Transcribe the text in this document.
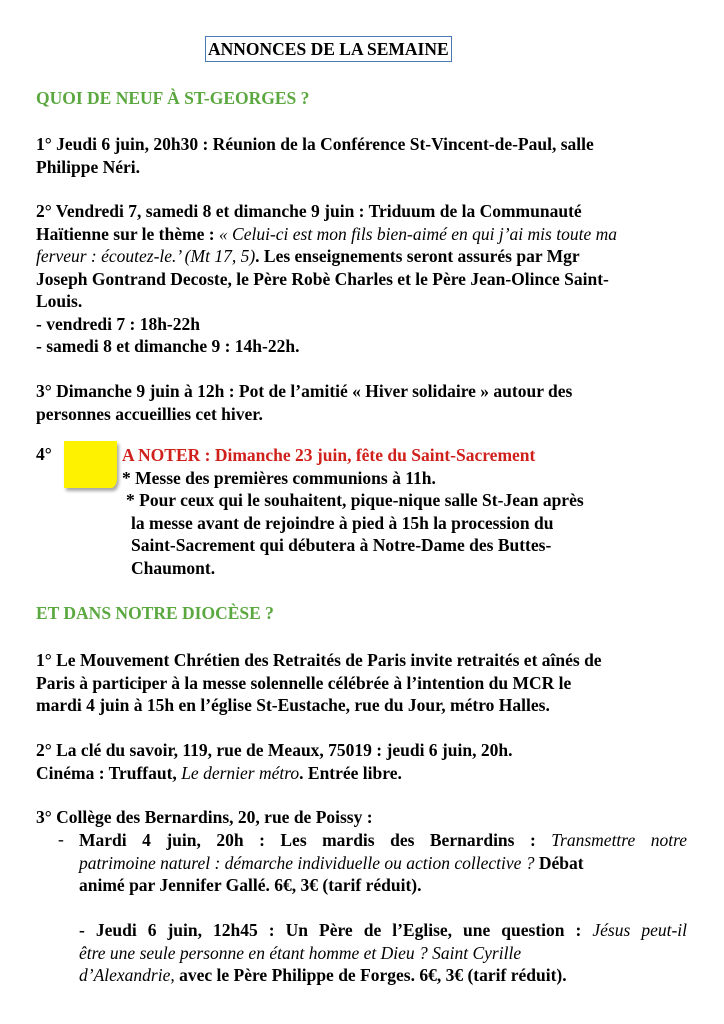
ANNONCES DE LA SEMAINE
QUOI DE NEUF À ST-GEORGES ?
1° Jeudi 6 juin, 20h30 : Réunion de la Conférence St-Vincent-de-Paul, salle
Philippe Néri.
2° Vendredi 7, samedi 8 et dimanche 9 juin : Triduum de la Communauté
Haïtienne sur le thème : « Celui-ci est mon fils bien-aimé en qui j’ai mis toute ma
ferveur : écoutez-le.’ (Mt 17, 5). Les enseignements seront assurés par Mgr
Joseph Gontrand Decoste, le Père Robè Charles et le Père Jean-Olince Saint-
Louis.
- vendredi 7 : 18h-22h
- samedi 8 et dimanche 9 : 14h-22h.
3° Dimanche 9 juin à 12h : Pot de l’amitié « Hiver solidaire » autour des
personnes accueillies cet hiver.
4°	A NOTER : Dimanche 23 juin, fête du Saint-Sacrement
* Messe des premières communions à 11h.
* Pour ceux qui le souhaitent, pique-nique salle St-Jean après
la messe avant de rejoindre à pied à 15h la procession du
Saint-Sacrement qui débutera à Notre-Dame des Buttes-
Chaumont.
ET DANS NOTRE DIOCÈSE ?
1° Le Mouvement Chrétien des Retraités de Paris invite retraités et aînés de
Paris à participer à la messe solennelle célébrée à l’intention du MCR le
mardi 4 juin à 15h en l’église St-Eustache, rue du Jour, métro Halles.
2° La clé du savoir, 119, rue de Meaux, 75019 : jeudi 6 juin, 20h.
Cinéma : Truffaut, Le dernier métro. Entrée libre.
3° Collège des Bernardins, 20, rue de Poissy :
- Mardi 4 juin, 20h : Les mardis des Bernardins : Transmettre notre
patrimoine naturel : démarche individuelle ou action collective ? Débat
animé par Jennifer Gallé. 6€, 3€ (tarif réduit).
- Jeudi 6 juin, 12h45 : Un Père de l’Eglise, une question : Jésus peut-il
être une seule personne en étant homme et Dieu ? Saint Cyrille
d’Alexandrie, avec le Père Philippe de Forges. 6€, 3€ (tarif réduit).
